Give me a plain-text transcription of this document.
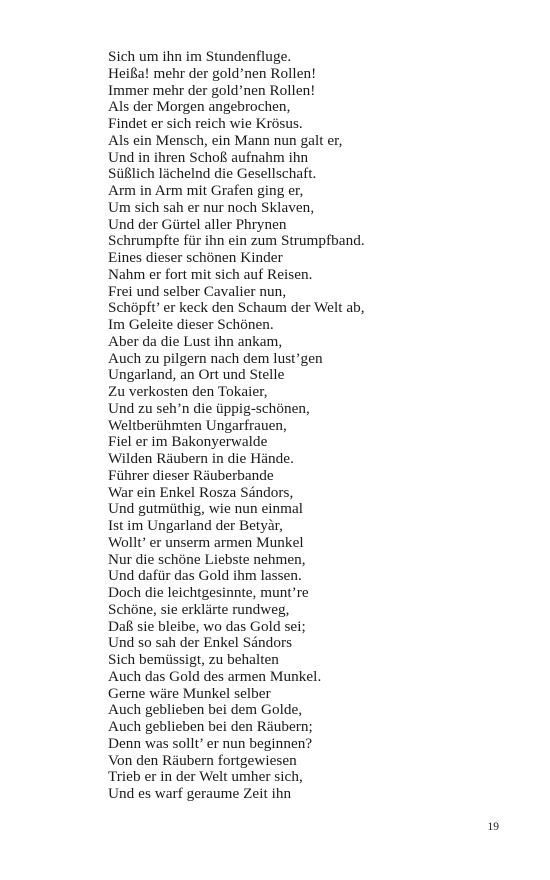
Sich um ihn im Stundenfluge.
Heißa! mehr der gold’nen Rollen!
Immer mehr der gold’nen Rollen!
Als der Morgen angebrochen,
Findet er sich reich wie Krösus.
Als ein Mensch, ein Mann nun galt er,
Und in ihren Schoß aufnahm ihn
Süßlich lächelnd die Gesellschaft.
Arm in Arm mit Grafen ging er,
Um sich sah er nur noch Sklaven,
Und der Gürtel aller Phrynen
Schrumpfte für ihn ein zum Strumpfband.
Eines dieser schönen Kinder
Nahm er fort mit sich auf Reisen.
Frei und selber Cavalier nun,
Schöpft’ er keck den Schaum der Welt ab,
Im Geleite dieser Schönen.
Aber da die Lust ihn ankam,
Auch zu pilgern nach dem lust’gen
Ungarland, an Ort und Stelle
Zu verkosten den Tokaier,
Und zu seh’n die üppig-schönen,
Weltberühmten Ungarfrauen,
Fiel er im Bakonyerwalde
Wilden Räubern in die Hände.
Führer dieser Räuberbande
War ein Enkel Rosza Sándors,
Und gutmüthig, wie nun einmal
Ist im Ungarland der Betyàr,
Wollt’ er unserm armen Munkel
Nur die schöne Liebste nehmen,
Und dafür das Gold ihm lassen.
Doch die leichtgesinnte, munt’re
Schöne, sie erklärte rundweg,
Daß sie bleibe, wo das Gold sei;
Und so sah der Enkel Sándors
Sich bemüssigt, zu behalten
Auch das Gold des armen Munkel.
Gerne wäre Munkel selber
Auch geblieben bei dem Golde,
Auch geblieben bei den Räubern;
Denn was sollt’ er nun beginnen?
Von den Räubern fortgewiesen
Trieb er in der Welt umher sich,
Und es warf geraume Zeit ihn
19
